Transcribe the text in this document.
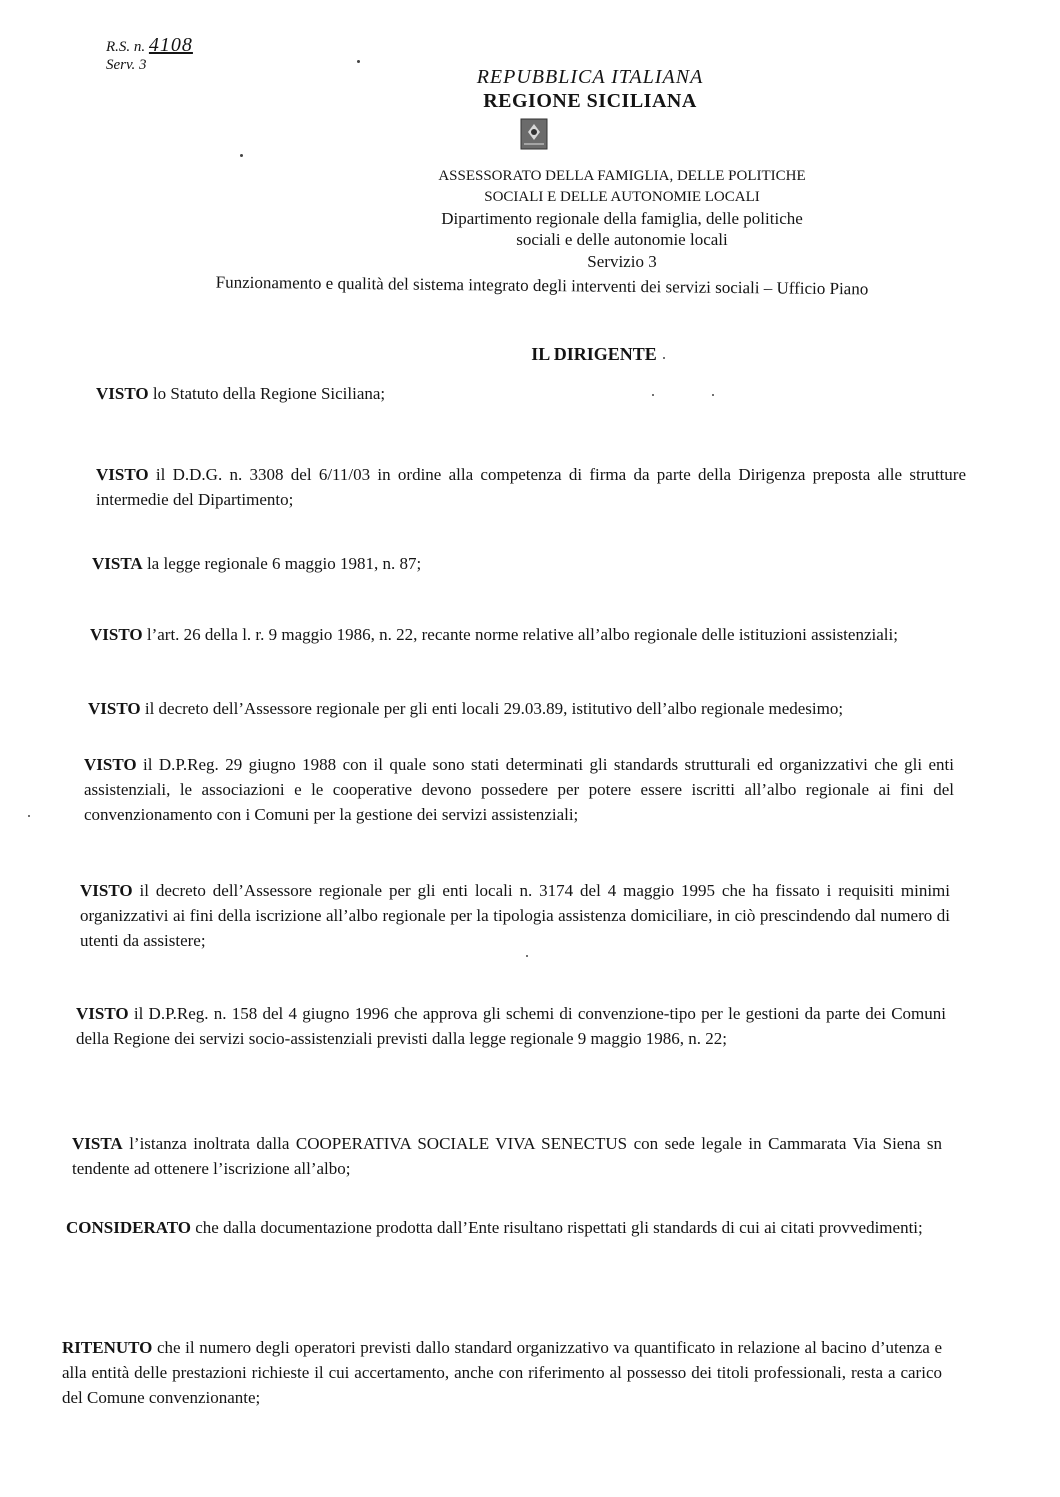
R.S. n. 4108
Serv. 3
REPUBBLICA ITALIANA
REGIONE SICILIANA
ASSESSORATO DELLA FAMIGLIA, DELLE POLITICHE
SOCIALI E DELLE AUTONOMIE LOCALI
Dipartimento regionale della famiglia, delle politiche
sociali e delle autonomie locali
Servizio 3
Funzionamento e qualità del sistema integrato degli interventi dei servizi sociali – Ufficio Piano
IL DIRIGENTE
VISTO lo Statuto della Regione Siciliana;
VISTO il D.D.G. n. 3308 del 6/11/03 in ordine alla competenza di firma da parte della Dirigenza preposta alle strutture intermedie del Dipartimento;
VISTA la legge regionale 6 maggio 1981, n. 87;
VISTO l’art. 26 della l. r. 9 maggio 1986, n. 22, recante norme relative all’albo regionale delle istituzioni assistenziali;
VISTO il decreto dell’Assessore regionale per gli enti locali 29.03.89, istitutivo dell’albo regionale medesimo;
VISTO il D.P.Reg. 29 giugno 1988 con il quale sono stati determinati gli standards strutturali ed organizzativi che gli enti assistenziali, le associazioni e le cooperative devono possedere per potere essere iscritti all’albo regionale ai fini del convenzionamento con i Comuni per la gestione dei servizi assistenziali;
VISTO il decreto dell’Assessore regionale per gli enti locali n. 3174 del 4 maggio 1995 che ha fissato i requisiti minimi organizzativi ai fini della iscrizione all’albo regionale per la tipologia assistenza domiciliare, in ciò prescindendo dal numero di utenti da assistere;
VISTO il D.P.Reg. n. 158 del 4 giugno 1996 che approva gli schemi di convenzione-tipo per le gestioni da parte dei Comuni della Regione dei servizi socio-assistenziali previsti dalla legge regionale 9 maggio 1986, n. 22;
VISTA l’istanza inoltrata dalla COOPERATIVA SOCIALE VIVA SENECTUS con sede legale in Cammarata Via Siena sn tendente ad ottenere l’iscrizione all’albo;
CONSIDERATO che dalla documentazione prodotta dall’Ente risultano rispettati gli standards di cui ai citati provvedimenti;
RITENUTO che il numero degli operatori previsti dallo standard organizzativo va quantificato in relazione al bacino d’utenza e alla entità delle prestazioni richieste il cui accertamento, anche con riferimento al possesso dei titoli professionali, resta a carico del Comune convenzionante;
